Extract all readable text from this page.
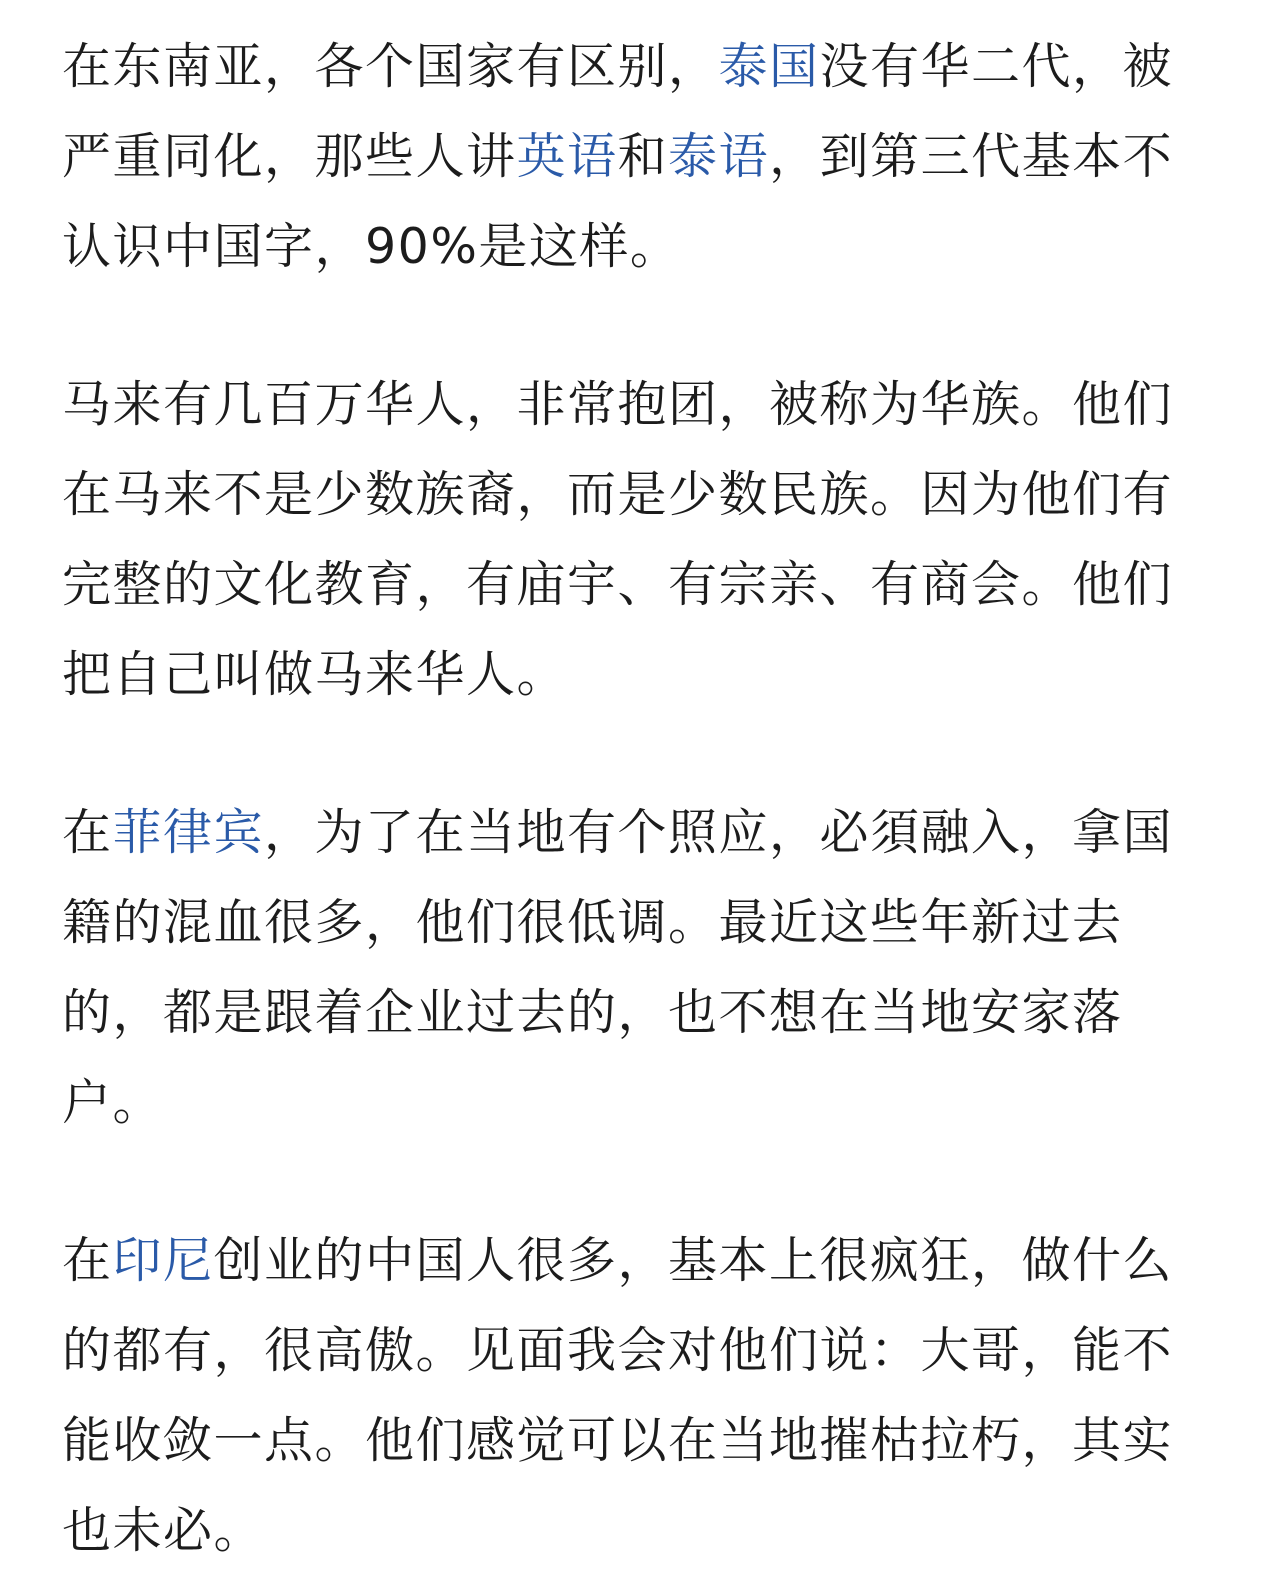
在东南亚，各个国家有区别，泰国没有华二代，被
严重同化，那些人讲英语和泰语，到第三代基本不
认识中国字，90%是这样。

马来有几百万华人，非常抱团，被称为华族。他们
在马来不是少数族裔，而是少数民族。因为他们有
完整的文化教育，有庙宇、有宗亲、有商会。他们
把自己叫做马来华人。

在菲律宾，为了在当地有个照应，必須融入，拿国
籍的混血很多，他们很低调。最近这些年新过去
的，都是跟着企业过去的，也不想在当地安家落
户。

在印尼创业的中国人很多，基本上很疯狂，做什么
的都有，很高傲。见面我会对他们说：大哥，能不
能收敛一点。他们感觉可以在当地摧枯拉朽，其实
也未必。
